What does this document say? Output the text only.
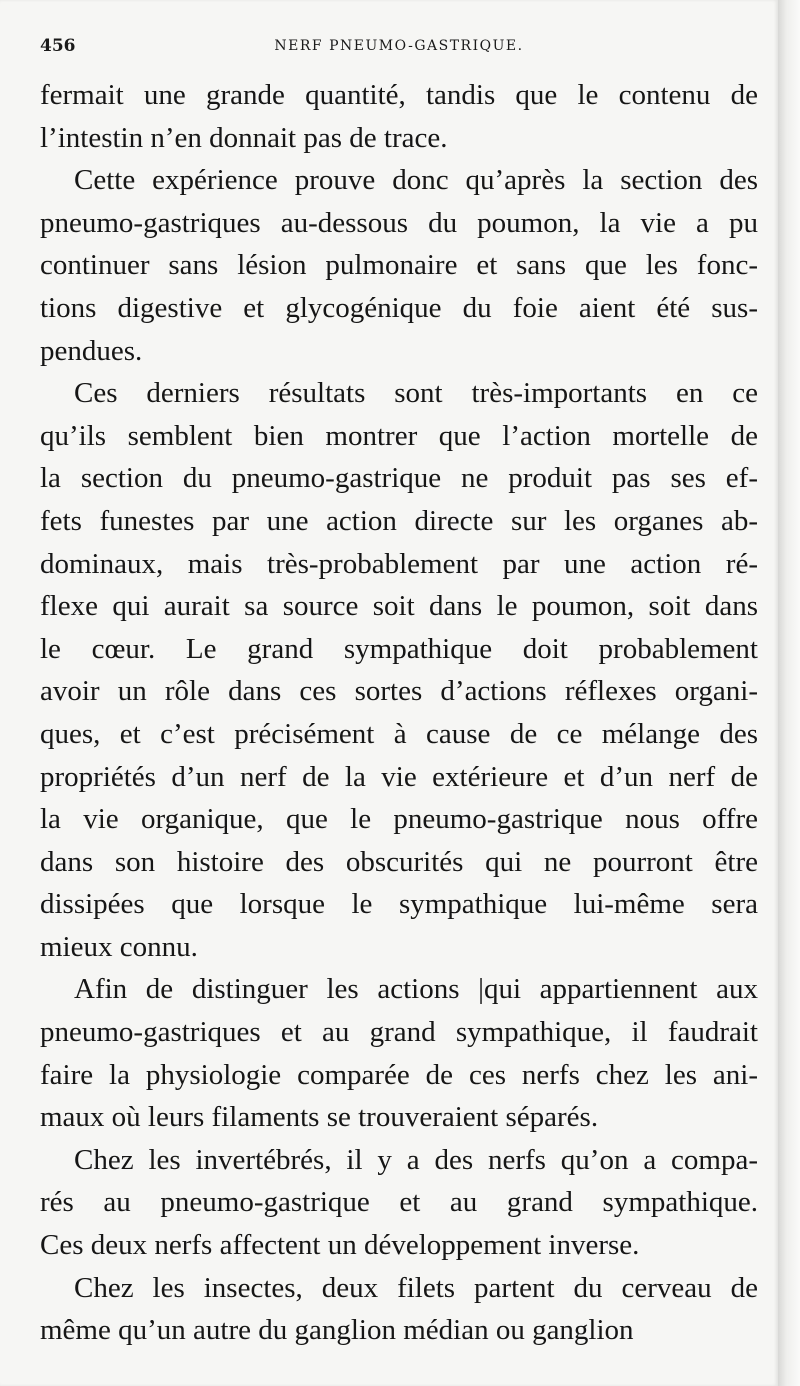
456	NERF PNEUMO-GASTRIQUE.
fermait une grande quantité, tandis que le contenu de
l’intestin n’en donnait pas de trace.
Cette expérience prouve donc qu’après la section des
pneumo-gastriques au-dessous du poumon, la vie a pu
continuer sans lésion pulmonaire et sans que les fonc-
tions digestive et glycogénique du foie aient été sus-
pendues.
Ces derniers résultats sont très-importants en ce
qu’ils semblent bien montrer que l’action mortelle de
la section du pneumo-gastrique ne produit pas ses ef-
fets funestes par une action directe sur les organes ab-
dominaux, mais très-probablement par une action ré-
flexe qui aurait sa source soit dans le poumon, soit dans
le cœur. Le grand sympathique doit probablement
avoir un rôle dans ces sortes d’actions réflexes organi-
ques, et c’est précisément à cause de ce mélange des
propriétés d’un nerf de la vie extérieure et d’un nerf de
la vie organique, que le pneumo-gastrique nous offre
dans son histoire des obscurités qui ne pourront être
dissipées que lorsque le sympathique lui-même sera
mieux connu.
Afin de distinguer les actions |qui appartiennent aux
pneumo-gastriques et au grand sympathique, il faudrait
faire la physiologie comparée de ces nerfs chez les ani-
maux où leurs filaments se trouveraient séparés.
Chez les invertébrés, il y a des nerfs qu’on a compa-
rés au pneumo-gastrique et au grand sympathique.
Ces deux nerfs affectent un développement inverse.
Chez les insectes, deux filets partent du cerveau de
même qu’un autre du ganglion médian ou ganglion
